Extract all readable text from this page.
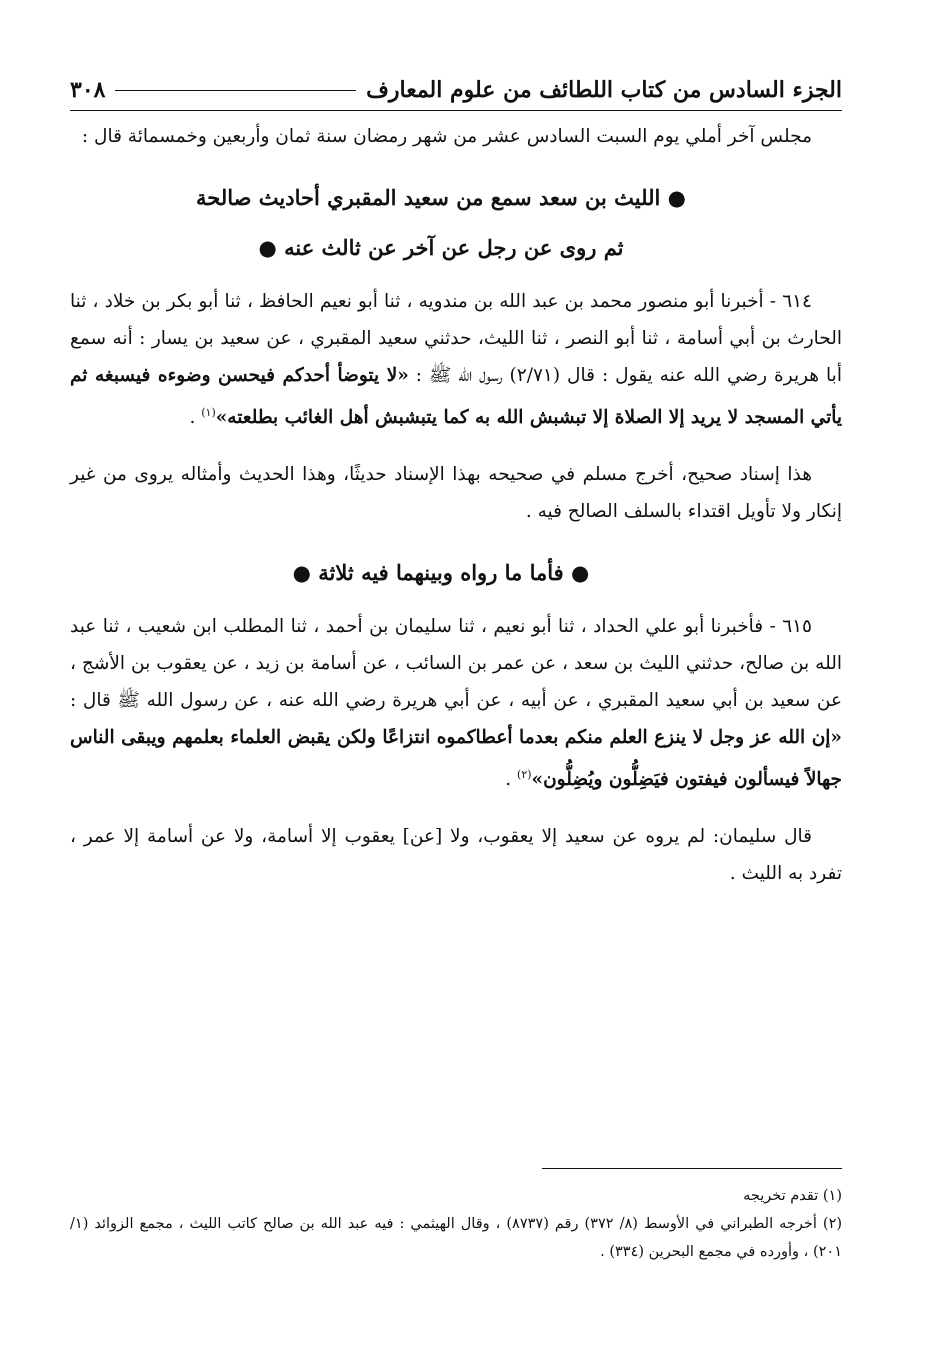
الجزء السادس من كتاب اللطائف من علوم المعارف
٣٠٨

مجلس آخر أملي يوم السبت السادس عشر من شهر رمضان سنة ثمان وأربعين وخمسمائة قال :

● الليث بن سعد سمع من سعيد المقبري أحاديث صالحة

ثم روى عن رجل عن آخر عن ثالث عنه ●

٦١٤ - أخبرنا أبو منصور محمد بن عبد الله بن مندويه ، ثنا أبو نعيم الحافظ ، ثنا أبو بكر بن خلاد ، ثنا الحارث بن أبي أسامة ، ثنا أبو النصر ، ثنا الليث، حدثني سعيد المقبري ، عن سعيد بن يسار : أنه سمع أبا هريرة رضي الله عنه يقول : قال (٢/٧١) رسول الله ﷺ : «لا يتوضأ أحدكم فيحسن وضوءه فيسبغه ثم يأتي المسجد لا يريد إلا الصلاة إلا تبشبش الله به كما يتبشبش أهل الغائب بطلعته»$^{(١)}$ .

هذا إسناد صحيح، أخرج مسلم في صحيحه بهذا الإسناد حديثًا، وهذا الحديث وأمثاله يروى من غير إنكار ولا تأويل اقتداء بالسلف الصالح فيه .

● فأما ما رواه وبينهما فيه ثلاثة ●

٦١٥ - فأخبرنا أبو علي الحداد ، ثنا أبو نعيم ، ثنا سليمان بن أحمد ، ثنا المطلب ابن شعيب ، ثنا عبد الله بن صالح، حدثني الليث بن سعد ، عن عمر بن السائب ، عن أسامة بن زيد ، عن يعقوب بن الأشج ، عن سعيد بن أبي سعيد المقبري ، عن أبيه ، عن أبي هريرة رضي الله عنه ، عن رسول الله ﷺ قال : «إن الله عز وجل لا ينزع العلم منكم بعدما أعطاكموه انتزاعًا ولكن يقبض العلماء بعلمهم ويبقى الناس جهالاً فيسألون فيفتون فيَضِلُّون ويُضِلُّون»$^{(٢)}$ .

قال سليمان: لم يروه عن سعيد إلا يعقوب، ولا [عن] يعقوب إلا أسامة، ولا عن أسامة إلا عمر ، تفرد به الليث .

(١) تقدم تخريجه

(٢) أخرجه الطبراني في الأوسط (٨/ ٣٧٢) رقم (٨٧٣٧) ، وقال الهيثمي : فيه عبد الله بن صالح كاتب الليث ، مجمع الزوائد (١/ ٢٠١) ، وأورده في مجمع البحرين (٣٣٤) .
